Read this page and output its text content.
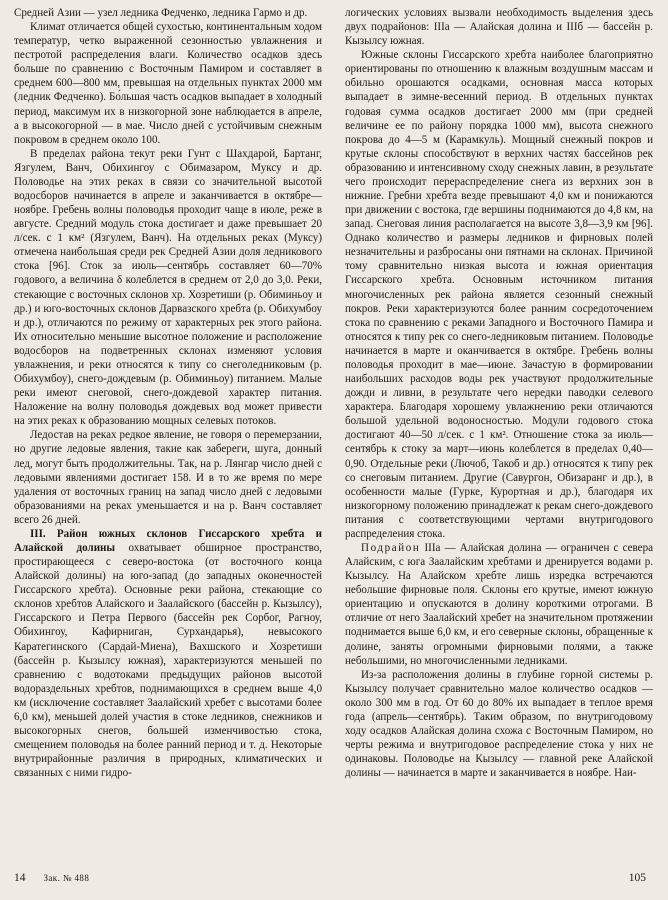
Средней Азии — узел ледника Федченко, ледника Гармо и др.

Климат отличается общей сухостью, континентальным ходом температур, четко выраженной сезонностью увлажнения и пестротой распределения влаги. Количество осадков здесь больше по сравнению с Восточным Памиром и составляет в среднем 600—800 мм, превышая на отдельных пунктах 2000 мм (ледник Федченко). Бо́льшая часть осадков выпадает в холодный период, максимум их в низкогорной зоне наблюдается в апреле, а в высокогорной — в мае. Число дней с устойчивым снежным покровом в среднем около 100.

В пределах района текут реки Гунт с Шахдарой, Бартанг, Язгулем, Ванч, Обихингоу с Обимазаром, Муксу и др. Половодье на этих реках в связи со значительной высотой водосборов начинается в апреле и заканчивается в октябре—ноябре. Гребень волны половодья проходит чаще в июле, реже в августе. Средний модуль стока достигает и даже превышает 20 л/сек. с 1 км² (Язгулем, Ванч). На отдельных реках (Муксу) отмечена наибольшая среди рек Средней Азии доля ледникового стока [96]. Сток за июль—сентябрь составляет 60—70% годового, а величина δ колеблется в среднем от 2,0 до 3,0. Реки, стекающие с восточных склонов хр. Хозретиши (р. Обиминьоу и др.) и юго-восточных склонов Дарвазского хребта (р. Обихумбоу и др.), отличаются по режиму от характерных рек этого района. Их относительно меньшие высотное положение и расположение водосборов на подветренных склонах изменяют условия увлажнения, и реки относятся к типу со снеголедниковым (р. Обихумбоу), снего-дождевым (р. Обиминьоу) питанием. Малые реки имеют снеговой, снего-дождевой характер питания. Наложение на волну половодья дождевых вод может привести на этих реках к образованию мощных селевых потоков.

Ледостав на реках редкое явление, не говоря о перемерзании, но другие ледовые явления, такие как забереги, шуга, донный лед, могут быть продолжительны. Так, на р. Лянгар число дней с ледовыми явлениями достигает 158. И в то же время по мере удаления от восточных границ на запад число дней с ледовыми образованиями на реках уменьшается и на р. Ванч составляет всего 26 дней.

III. Район южных склонов Гиссарского хребта и Алайской долины охватывает обширное пространство, простирающееся с северо-востока (от восточного конца Алайской долины) на юго-запад (до западных оконечностей Гиссарского хребта). Основные реки района, стекающие со склонов хребтов Алайского и Заалайского (бассейн р. Кызылсу), Гиссарского и Петра Первого (бассейн рек Сорбог, Рагноу, Обихингоу, Кафирниган, Сурхандарья), невысокого Каратегинского (Сардай-Миена), Вахшского и Хозретиши (бассейн р. Кызылсу южная), характеризуются меньшей по сравнению с водотоками предыдущих районов высотой водораздельных хребтов, поднимающихся в среднем выше 4,0 км (исключение составляет Заалайский хребет с высотами более 6,0 км), меньшей долей участия в стоке ледников, снежников и высокогорных снегов, большей изменчивостью стока, смещением половодья на более ранний период и т. д. Некоторые внутрирайонные различия в природных, климатических и связанных с ними гидро-

логических условиях вызвали необходимость выделения здесь двух подрайонов: IIIа — Алайская долина и IIIб — бассейн р. Кызылсу южная.

Южные склоны Гиссарского хребта наиболее благоприятно ориентированы по отношению к влажным воздушным массам и обильно орошаются осадками, основная масса которых выпадает в зимне-весенний период. В отдельных пунктах годовая сумма осадков достигает 2000 мм (при средней величине ее по району порядка 1000 мм), высота снежного покрова до 4—5 м (Карамкуль). Мощный снежный покров и крутые склоны способствуют в верхних частях бассейнов рек образованию и интенсивному сходу снежных лавин, в результате чего происходит перераспределение снега из верхних зон в нижние. Гребни хребта везде превышают 4,0 км и понижаются при движении с востока, где вершины поднимаются до 4,8 км, на запад. Снеговая линия располагается на высоте 3,8—3,9 км [96]. Однако количество и размеры ледников и фирновых полей незначительны и разбросаны они пятнами на склонах. Причиной тому сравнительно низкая высота и южная ориентация Гиссарского хребта. Основным источником питания многочисленных рек района является сезонный снежный покров. Реки характеризуются более ранним сосредоточением стока по сравнению с реками Западного и Восточного Памира и относятся к типу рек со снего-ледниковым питанием. Половодье начинается в марте и оканчивается в октябре. Гребень волны половодья проходит в мае—июне. Зачастую в формировании наибольших расходов воды рек участвуют продолжительные дожди и ливни, в результате чего нередки паводки селевого характера. Благодаря хорошему увлажнению реки отличаются большой удельной водоносностью. Модули годового стока достигают 40—50 л/сек. с 1 км². Отношение стока за июль—сентябрь к стоку за март—июнь колеблется в пределах 0,40—0,90. Отдельные реки (Лючоб, Такоб и др.) относятся к типу рек со снеговым питанием. Другие (Савургон, Обизаранг и др.), в особенности малые (Гурке, Курортная и др.), благодаря их низкогорному положению принадлежат к рекам снего-дождевого питания с соответствующими чертами внутригодового распределения стока.

Подрайон IIIа — Алайская долина — ограничен с севера Алайским, с юга Заалайским хребтами и дренируется водами р. Кызылсу. На Алайском хребте лишь изредка встречаются небольшие фирновые поля. Склоны его крутые, имеют южную ориентацию и опускаются в долину короткими отрогами. В отличие от него Заалайский хребет на значительном протяжении поднимается выше 6,0 км, и его северные склоны, обращенные к долине, заняты огромными фирновыми полями, а также небольшими, но многочисленными ледниками.

Из-за расположения долины в глубине горной системы р. Кызылсу получает сравнительно малое количество осадков — около 300 мм в год. От 60 до 80% их выпадает в теплое время года (апрель—сентябрь). Таким образом, по внутригодовому ходу осадков Алайская долина схожа с Восточным Памиром, но черты режима и внутригодовое распределение стока у них не одинаковы. Половодье на Кызылсу — главной реке Алайской долины — начинается в марте и заканчивается в ноябре. Наи-

14 Зак. № 488	105
